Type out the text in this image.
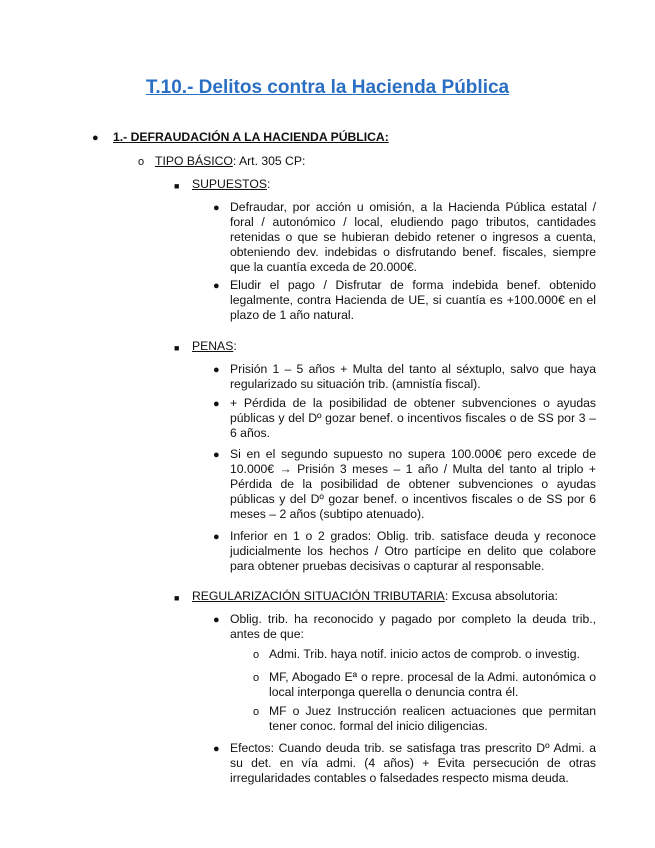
T.10.- Delitos contra la Hacienda Pública
● 1.- DEFRAUDACIÓN A LA HACIENDA PÚBLICA:
o TIPO BÁSICO: Art. 305 CP:
■ SUPUESTOS:
● Defraudar, por acción u omisión, a la Hacienda Pública estatal / foral / autonómico / local, eludiendo pago tributos, cantidades retenidas o que se hubieran debido retener o ingresos a cuenta, obteniendo dev. indebidas o disfrutando benef. fiscales, siempre que la cuantía exceda de 20.000€.
● Eludir el pago / Disfrutar de forma indebida benef. obtenido legalmente, contra Hacienda de UE, si cuantía es +100.000€ en el plazo de 1 año natural.
■ PENAS:
● Prisión 1 – 5 años + Multa del tanto al séxtuplo, salvo que haya regularizado su situación trib. (amnistía fiscal).
● + Pérdida de la posibilidad de obtener subvenciones o ayudas públicas y del Dº gozar benef. o incentivos fiscales o de SS por 3 – 6 años.
● Si en el segundo supuesto no supera 100.000€ pero excede de 10.000€ → Prisión 3 meses – 1 año / Multa del tanto al triplo + Pérdida de la posibilidad de obtener subvenciones o ayudas públicas y del Dº gozar benef. o incentivos fiscales o de SS por 6 meses – 2 años (subtipo atenuado).
● Inferior en 1 o 2 grados: Oblig. trib. satisface deuda y reconoce judicialmente los hechos / Otro partícipe en delito que colabore para obtener pruebas decisivas o capturar al responsable.
■ REGULARIZACIÓN SITUACIÓN TRIBUTARIA: Excusa absolutoria:
● Oblig. trib. ha reconocido y pagado por completo la deuda trib., antes de que:
o Admi. Trib. haya notif. inicio actos de comprob. o investig.
o MF, Abogado Eª o repre. procesal de la Admi. autonómica o local interponga querella o denuncia contra él.
o MF o Juez Instrucción realicen actuaciones que permitan tener conoc. formal del inicio diligencias.
● Efectos: Cuando deuda trib. se satisfaga tras prescrito Dº Admi. a su det. en vía admi. (4 años) + Evita persecución de otras irregularidades contables o falsedades respecto misma deuda.
